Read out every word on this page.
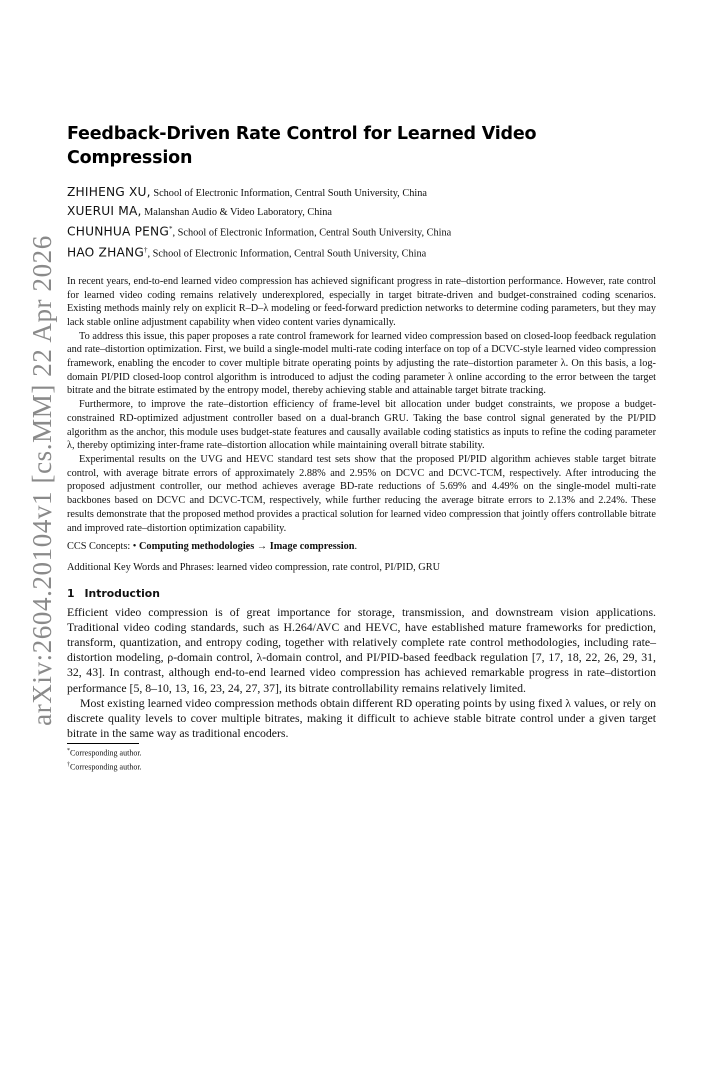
arXiv:2604.20104v1 [cs.MM] 22 Apr 2026
Feedback-Driven Rate Control for Learned Video
Compression
ZHIHENG XU, School of Electronic Information, Central South University, China
XUERUI MA, Malanshan Audio & Video Laboratory, China
CHUNHUA PENG*, School of Electronic Information, Central South University, China
HAO ZHANG†, School of Electronic Information, Central South University, China

In recent years, end-to-end learned video compression has achieved significant progress in rate–distortion performance. However, rate control for learned video coding remains relatively underexplored, especially in target bitrate-driven and budget-constrained coding scenarios. Existing methods mainly rely on explicit R–D–λ modeling or feed-forward prediction networks to determine coding parameters, but they may lack stable online adjustment capability when video content varies dynamically.

To address this issue, this paper proposes a rate control framework for learned video compression based on closed-loop feedback regulation and rate–distortion optimization. First, we build a single-model multi-rate coding interface on top of a DCVC-style learned video compression framework, enabling the encoder to cover multiple bitrate operating points by adjusting the rate–distortion parameter λ. On this basis, a log-domain PI/PID closed-loop control algorithm is introduced to adjust the coding parameter λ online according to the error between the target bitrate and the bitrate estimated by the entropy model, thereby achieving stable and attainable target bitrate tracking.

Furthermore, to improve the rate–distortion efficiency of frame-level bit allocation under budget constraints, we propose a budget-constrained RD-optimized adjustment controller based on a dual-branch GRU. Taking the base control signal generated by the PI/PID algorithm as the anchor, this module uses budget-state features and causally available coding statistics as inputs to refine the coding parameter λ, thereby optimizing inter-frame rate–distortion allocation while maintaining overall bitrate stability.

Experimental results on the UVG and HEVC standard test sets show that the proposed PI/PID algorithm achieves stable target bitrate control, with average bitrate errors of approximately 2.88% and 2.95% on DCVC and DCVC-TCM, respectively. After introducing the proposed adjustment controller, our method achieves average BD-rate reductions of 5.69% and 4.49% on the single-model multi-rate backbones based on DCVC and DCVC-TCM, respectively, while further reducing the average bitrate errors to 2.13% and 2.24%. These results demonstrate that the proposed method provides a practical solution for learned video compression that jointly offers controllable bitrate and improved rate–distortion optimization capability.

CCS Concepts: • Computing methodologies → Image compression.

Additional Key Words and Phrases: learned video compression, rate control, PI/PID, GRU

1 Introduction

Efficient video compression is of great importance for storage, transmission, and downstream vision applications. Traditional video coding standards, such as H.264/AVC and HEVC, have established mature frameworks for prediction, transform, quantization, and entropy coding, together with relatively complete rate control methodologies, including rate–distortion modeling, ρ-domain control, λ-domain control, and PI/PID-based feedback regulation [7, 17, 18, 22, 26, 29, 31, 32, 43]. In contrast, although end-to-end learned video compression has achieved remarkable progress in rate–distortion performance [5, 8–10, 13, 16, 23, 24, 27, 37], its bitrate controllability remains relatively limited.

Most existing learned video compression methods obtain different RD operating points by using fixed λ values, or rely on discrete quality levels to cover multiple bitrates, making it difficult to achieve stable bitrate control under a given target bitrate in the same way as traditional encoders.

*Corresponding author.

†Corresponding author.
